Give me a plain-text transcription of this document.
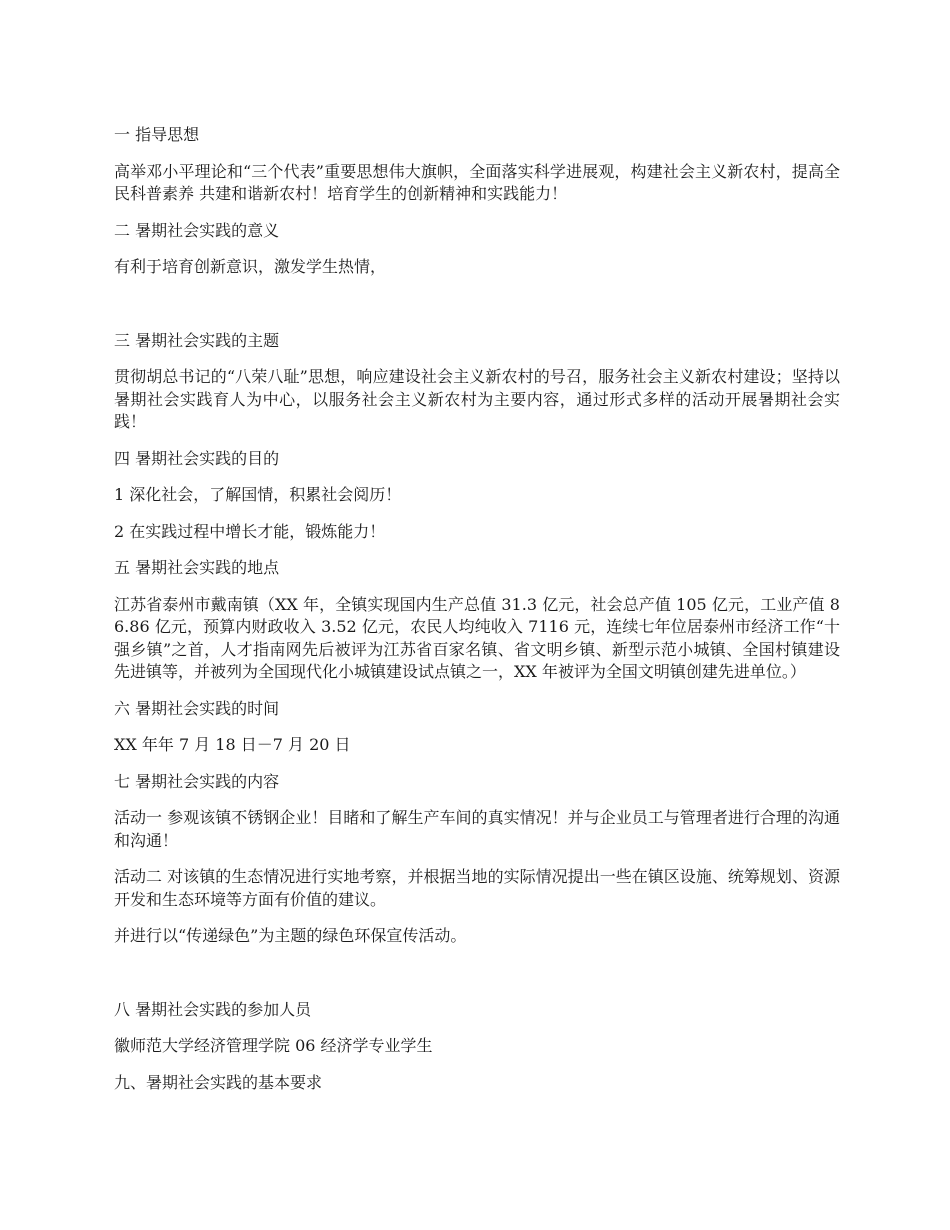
一 指导思想

高举邓小平理论和“三个代表”重要思想伟大旗帜，全面落实科学进展观，构建社会主义新农村，提高全民科普素养 共建和谐新农村！培育学生的创新精神和实践能力！

二 暑期社会实践的意义

有利于培育创新意识，激发学生热情，

三 暑期社会实践的主题

贯彻胡总书记的“八荣八耻”思想，响应建设社会主义新农村的号召，服务社会主义新农村建设；坚持以暑期社会实践育人为中心，以服务社会主义新农村为主要内容，通过形式多样的活动开展暑期社会实践！

四 暑期社会实践的目的

1 深化社会，了解国情，积累社会阅历！

2 在实践过程中增长才能，锻炼能力！

五 暑期社会实践的地点

江苏省泰州市戴南镇（XX 年，全镇实现国内生产总值 31.3 亿元，社会总产值 105 亿元，工业产值 86.86 亿元，预算内财政收入 3.52 亿元，农民人均纯收入 7116 元，连续七年位居泰州市经济工作“十强乡镇”之首，人才指南网先后被评为江苏省百家名镇、省文明乡镇、新型示范小城镇、全国村镇建设先进镇等，并被列为全国现代化小城镇建设试点镇之一，XX 年被评为全国文明镇创建先进单位。）

六 暑期社会实践的时间

XX 年年 7 月 18 日－7 月 20 日

七 暑期社会实践的内容

活动一 参观该镇不锈钢企业！目睹和了解生产车间的真实情况！并与企业员工与管理者进行合理的沟通和沟通！

活动二 对该镇的生态情况进行实地考察，并根据当地的实际情况提出一些在镇区设施、统筹规划、资源开发和生态环境等方面有价值的建议。

并进行以“传递绿色”为主题的绿色环保宣传活动。

八 暑期社会实践的参加人员

徽师范大学经济管理学院 06 经济学专业学生

九、暑期社会实践的基本要求
